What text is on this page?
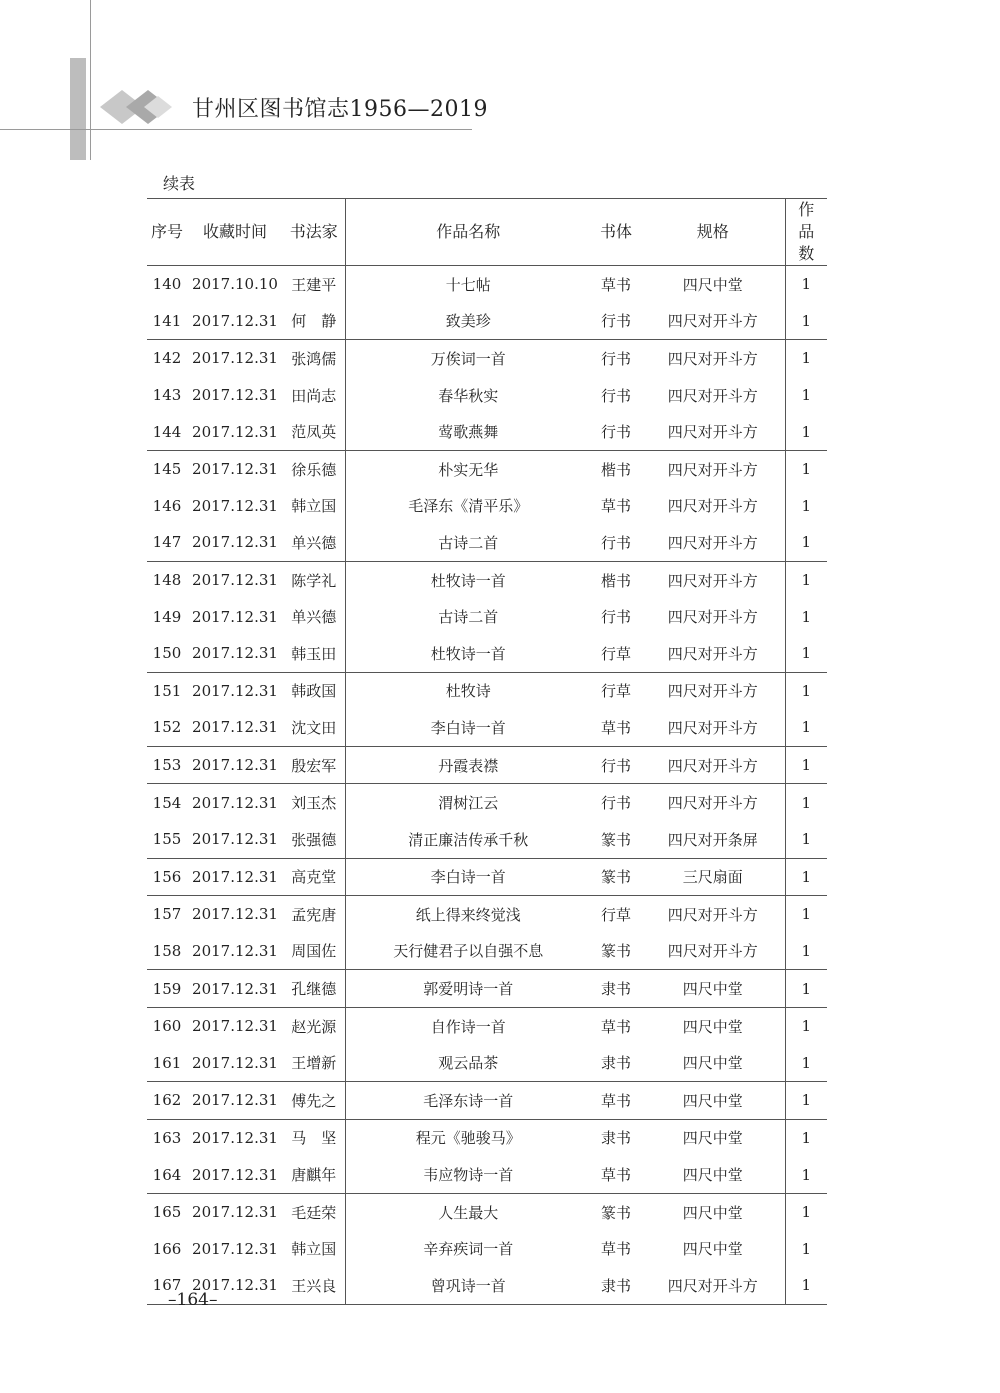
甘州区图书馆志1956—2019
续表
序号	收藏时间	书法家	作品名称	书体	规格	作品数

140	2017.10.10	王建平	十七帖	草书	四尺中堂	1
141	2017.12.31	何　静	致美珍	行书	四尺对开斗方	1
142	2017.12.31	张鸿儒	万俟词一首	行书	四尺对开斗方	1
143	2017.12.31	田尚志	春华秋实	行书	四尺对开斗方	1
144	2017.12.31	范凤英	莺歌燕舞	行书	四尺对开斗方	1
145	2017.12.31	徐乐德	朴实无华	楷书	四尺对开斗方	1
146	2017.12.31	韩立国	毛泽东《清平乐》	草书	四尺对开斗方	1
147	2017.12.31	单兴德	古诗二首	行书	四尺对开斗方	1
148	2017.12.31	陈学礼	杜牧诗一首	楷书	四尺对开斗方	1
149	2017.12.31	单兴德	古诗二首	行书	四尺对开斗方	1
150	2017.12.31	韩玉田	杜牧诗一首	行草	四尺对开斗方	1
151	2017.12.31	韩政国	杜牧诗	行草	四尺对开斗方	1
152	2017.12.31	沈文田	李白诗一首	草书	四尺对开斗方	1
153	2017.12.31	殷宏军	丹霞表襟	行书	四尺对开斗方	1
154	2017.12.31	刘玉杰	渭树江云	行书	四尺对开斗方	1
155	2017.12.31	张强德	清正廉洁传承千秋	篆书	四尺对开条屏	1
156	2017.12.31	高克堂	李白诗一首	篆书	三尺扇面	1
157	2017.12.31	孟宪唐	纸上得来终觉浅	行草	四尺对开斗方	1
158	2017.12.31	周国佐	天行健君子以自强不息	篆书	四尺对开斗方	1
159	2017.12.31	孔继德	郭爱明诗一首	隶书	四尺中堂	1
160	2017.12.31	赵光源	自作诗一首	草书	四尺中堂	1
161	2017.12.31	王增新	观云品茶	隶书	四尺中堂	1
162	2017.12.31	傅先之	毛泽东诗一首	草书	四尺中堂	1
163	2017.12.31	马　坚	程元《驰骏马》	隶书	四尺中堂	1
164	2017.12.31	唐麒年	韦应物诗一首	草书	四尺中堂	1
165	2017.12.31	毛廷荣	人生最大	篆书	四尺中堂	1
166	2017.12.31	韩立国	辛弃疾词一首	草书	四尺中堂	1
167	2017.12.31	王兴良	曾巩诗一首	隶书	四尺对开斗方	1
–164–
